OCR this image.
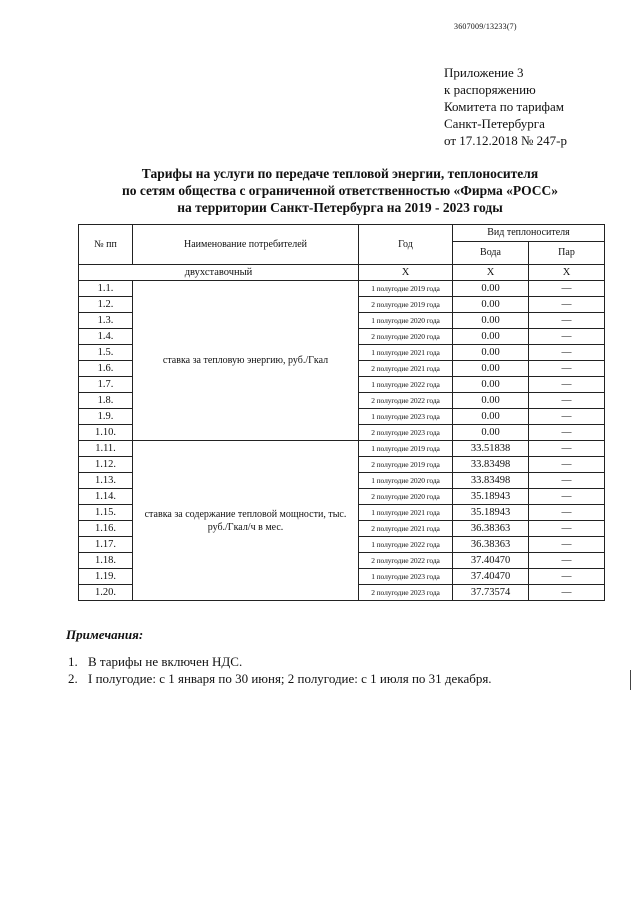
3607009/13233(7)
Приложение 3
к распоряжению
Комитета по тарифам
Санкт-Петербурга
от 17.12.2018 № 247-р
Тарифы на услуги по передаче тепловой энергии, теплоносителя
по сетям общества с ограниченной ответственностью «Фирма «РОСС»
на территории Санкт-Петербурга на 2019 - 2023 годы
№ пп	Наименование потребителей	Год	Вид теплоносителя	
			Вода	Пар
двухставочный		Х	Х	Х
1.1.	ставка за тепловую энергию, руб./Гкал	1 полугодие 2019 года	0.00	—
1.2.		2 полугодие 2019 года	0.00	—
1.3.		1 полугодие 2020 года	0.00	—
1.4.		2 полугодие 2020 года	0.00	—
1.5.		1 полугодие 2021 года	0.00	—
1.6.		2 полугодие 2021 года	0.00	—
1.7.		1 полугодие 2022 года	0.00	—
1.8.		2 полугодие 2022 года	0.00	—
1.9.		1 полугодие 2023 года	0.00	—
1.10.		2 полугодие 2023 года	0.00	—
1.11.	ставка за содержание тепловой мощности, тыс. руб./Гкал/ч в мес.	1 полугодие 2019 года	33.51838	—
1.12.		2 полугодие 2019 года	33.83498	—
1.13.		1 полугодие 2020 года	33.83498	—
1.14.		2 полугодие 2020 года	35.18943	—
1.15.		1 полугодие 2021 года	35.18943	—
1.16.		2 полугодие 2021 года	36.38363	—
1.17.		1 полугодие 2022 года	36.38363	—
1.18.		2 полугодие 2022 года	37.40470	—
1.19.		1 полугодие 2023 года	37.40470	—
1.20.		2 полугодие 2023 года	37.73574	—
Примечания:
1. В тарифы не включен НДС.
2. I полугодие: с 1 января по 30 июня; 2 полугодие: с 1 июля по 31 декабря.
